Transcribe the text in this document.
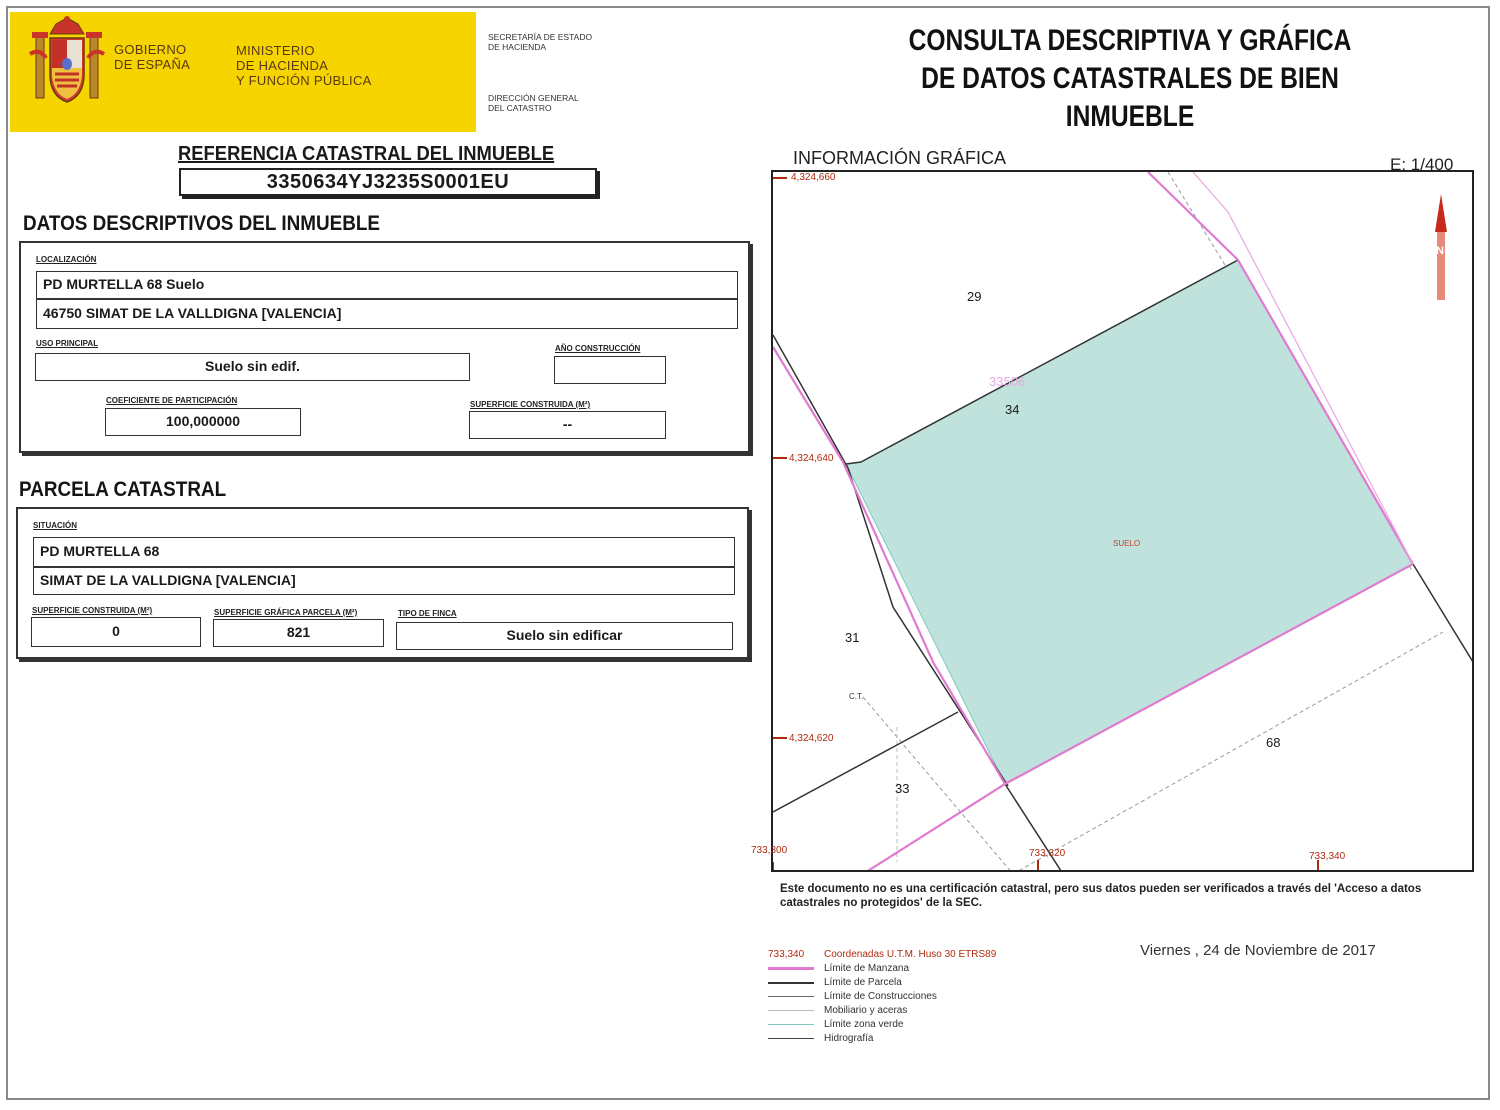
GOBIERNO
DE ESPAÑA
MINISTERIO
DE HACIENDA
Y FUNCIÓN PÚBLICA
SECRETARÍA DE ESTADO
DE HACIENDA
DIRECCIÓN GENERAL
DEL CATASTRO
CONSULTA DESCRIPTIVA Y GRÁFICA
DE DATOS CATASTRALES DE BIEN INMUEBLE
REFERENCIA CATASTRAL DEL INMUEBLE
3350634YJ3235S0001EU
DATOS DESCRIPTIVOS DEL INMUEBLE
LOCALIZACIÓN
PD MURTELLA 68 Suelo
46750 SIMAT DE LA VALLDIGNA [VALENCIA]
USO PRINCIPAL
Suelo sin edif.
AÑO CONSTRUCCIÓN
COEFICIENTE DE PARTICIPACIÓN
100,000000
SUPERFICIE CONSTRUIDA (M²)
--
PARCELA CATASTRAL
SITUACIÓN
PD MURTELLA 68
SIMAT DE LA VALLDIGNA [VALENCIA]
SUPERFICIE CONSTRUIDA (M²)
0
SUPERFICIE GRÁFICA PARCELA (M²)
821
TIPO DE FINCA
Suelo sin edificar
INFORMACIÓN GRÁFICA	E: 1/400
4,324,660
4,324,640
4,324,620
N
29
34
33506
SUELO
31
C.T.
33
68
733,300	733,320	733,340
Este documento no es una certificación catastral, pero sus datos pueden ser verificados a través del 'Acceso a datos catastrales no protegidos' de la SEC.
Viernes , 24 de Noviembre de 2017
733,340 Coordenadas U.T.M. Huso 30 ETRS89
Límite de Manzana
Límite de Parcela
Límite de Construcciones
Mobiliario y aceras
Límite zona verde
Hidrografía
